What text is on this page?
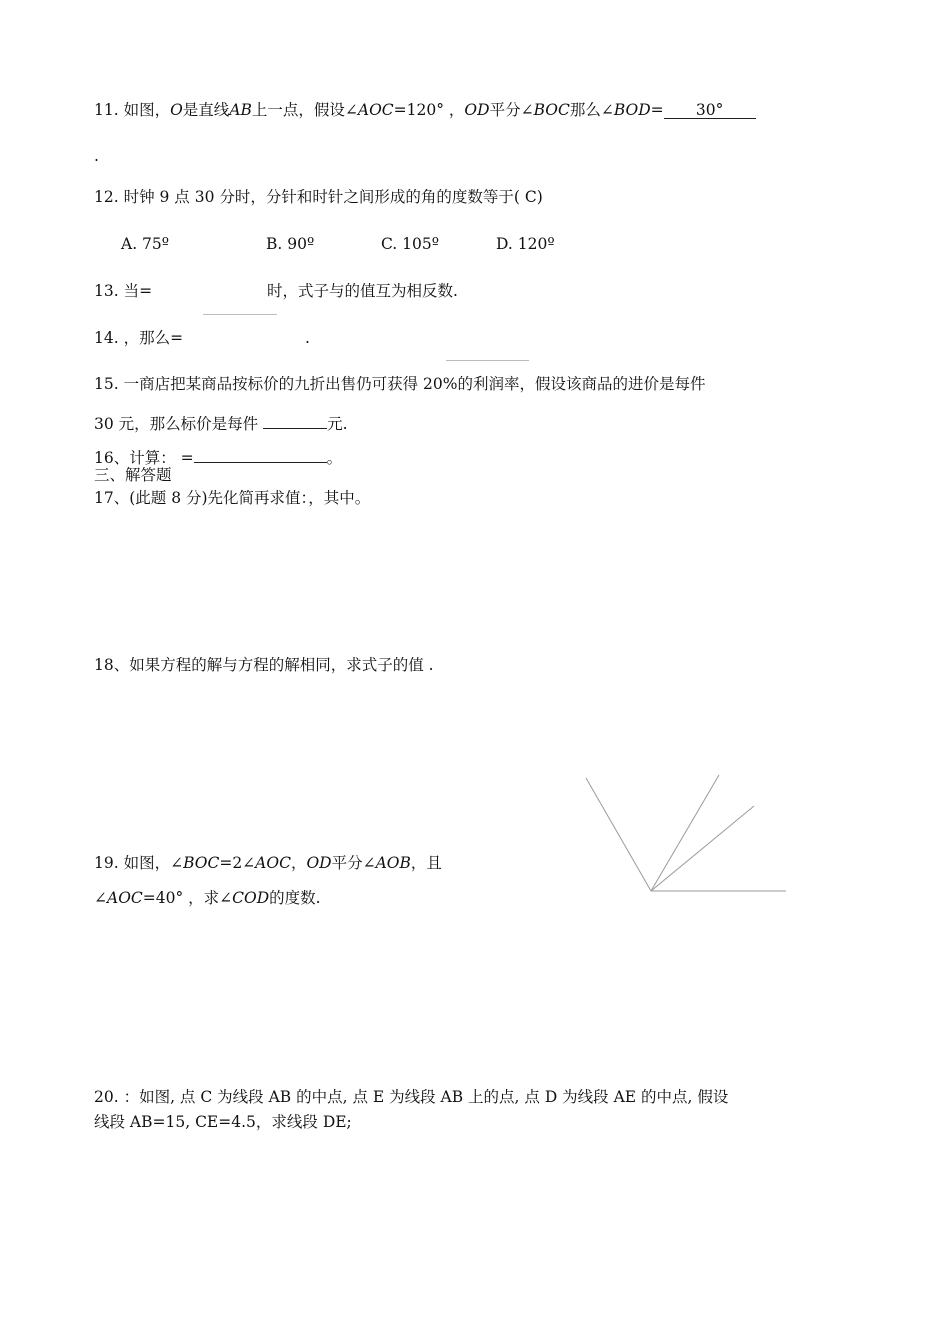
11. 如图，O是直线AB上一点，假设∠AOC=120° ，OD平分∠BOC那么∠BOD= 30°
.
12. 时钟 9 点 30 分时，分针和时针之间形成的角的度数等于( C)
A. 75º	B. 90º	C. 105º	D. 120º
13. 当=	时，式子与的值互为相反数.
14. ，那么=	.
15. 一商店把某商品按标价的九折出售仍可获得 20%的利润率，假设该商品的进价是每件
30 元，那么标价是每件	元.
16、计算： =	。
三、解答题
17、(此题 8 分)先化简再求值：，其中。
18、如果方程的解与方程的解相同，求式子的值 .
19. 如图，∠BOC=2∠AOC，OD平分∠AOB，且
∠AOC=40° ，求∠COD的度数.
20. ：如图, 点 C 为线段 AB 的中点, 点 E 为线段 AB 上的点, 点 D 为线段 AE 的中点, 假设
线段 AB=15, CE=4.5，求线段 DE;
